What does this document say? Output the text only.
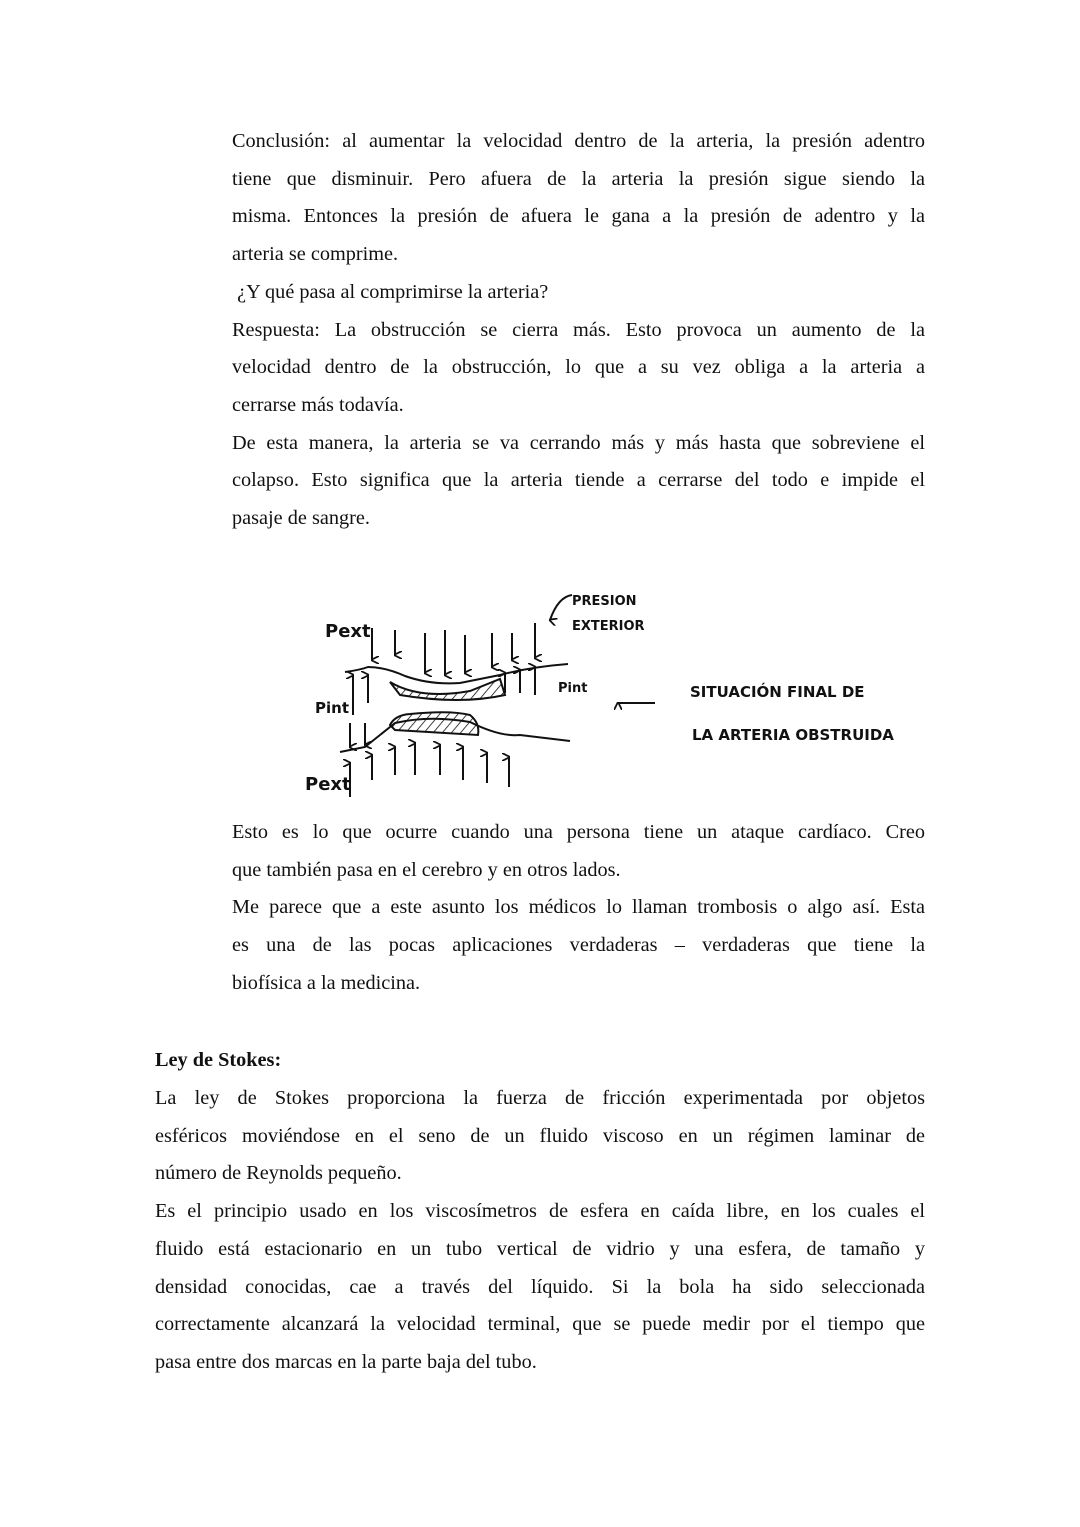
Conclusión: al aumentar la velocidad dentro de la arteria, la presión adentro
tiene que disminuir. Pero afuera de la arteria la presión sigue siendo la
misma. Entonces la presión de afuera le gana a la presión de adentro y la
arteria se comprime.
¿Y qué pasa al comprimirse la arteria?
Respuesta: La obstrucción se cierra más. Esto provoca un aumento de la
velocidad dentro de la obstrucción, lo que a su vez obliga a la arteria a
cerrarse más todavía.
De esta manera, la arteria se va cerrando más y más hasta que sobreviene el
colapso. Esto significa que la arteria tiende a cerrarse del todo e impide el
pasaje de sangre.
Pext
Pint
Pint
Pext
PRESION
EXTERIOR
SITUACIÓN FINAL DE
LA ARTERIA OBSTRUIDA
Esto es lo que ocurre cuando una persona tiene un ataque cardíaco. Creo
que también pasa en el cerebro y en otros lados.
Me parece que a este asunto los médicos lo llaman trombosis o algo así. Esta
es una de las pocas aplicaciones verdaderas – verdaderas que tiene la
biofísica a la medicina.
Ley de Stokes:
La ley de Stokes proporciona la fuerza de fricción experimentada por objetos
esféricos moviéndose en el seno de un fluido viscoso en un régimen laminar de
número de Reynolds pequeño.
Es el principio usado en los viscosímetros de esfera en caída libre, en los cuales el
fluido está estacionario en un tubo vertical de vidrio y una esfera, de tamaño y
densidad conocidas, cae a través del líquido. Si la bola ha sido seleccionada
correctamente alcanzará la velocidad terminal, que se puede medir por el tiempo que
pasa entre dos marcas en la parte baja del tubo.
